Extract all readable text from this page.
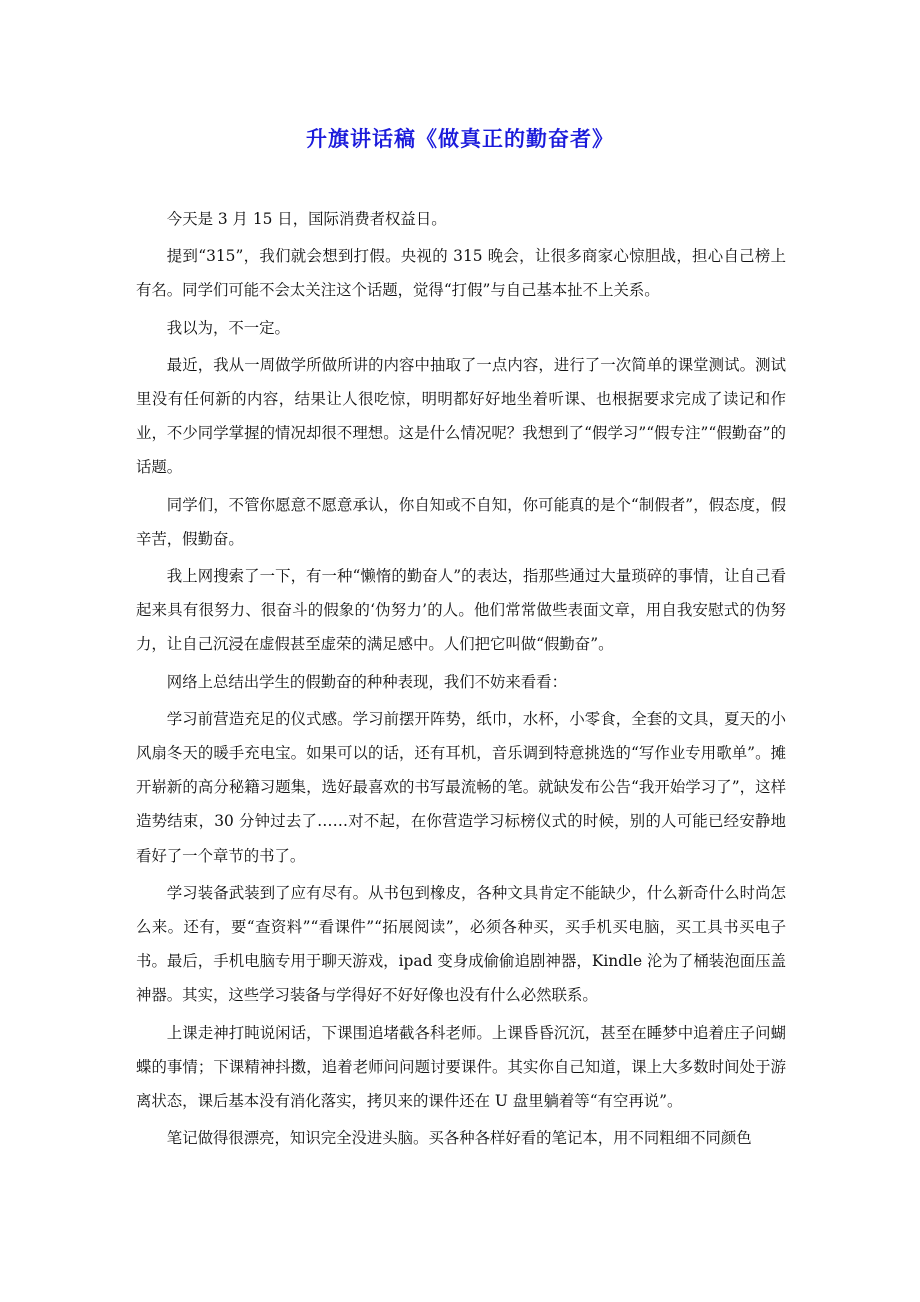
升旗讲话稿《做真正的勤奋者》

今天是 3 月 15 日，国际消费者权益日。

提到“315”，我们就会想到打假。央视的 315 晚会，让很多商家心惊胆战，担心自己榜上有名。同学们可能不会太关注这个话题，觉得“打假”与自己基本扯不上关系。

我以为，不一定。

最近，我从一周做学所做所讲的内容中抽取了一点内容，进行了一次简单的课堂测试。测试里没有任何新的内容，结果让人很吃惊，明明都好好地坐着听课、也根据要求完成了读记和作业，不少同学掌握的情况却很不理想。这是什么情况呢？我想到了“假学习”“假专注”“假勤奋”的话题。

同学们，不管你愿意不愿意承认，你自知或不自知，你可能真的是个“制假者”，假态度，假辛苦，假勤奋。

我上网搜索了一下，有一种“懒惰的勤奋人”的表达，指那些通过大量琐碎的事情，让自己看起来具有很努力、很奋斗的假象的‘伪努力’的人。他们常常做些表面文章，用自我安慰式的伪努力，让自己沉浸在虚假甚至虚荣的满足感中。人们把它叫做“假勤奋”。

网络上总结出学生的假勤奋的种种表现，我们不妨来看看：

学习前营造充足的仪式感。学习前摆开阵势，纸巾，水杯，小零食，全套的文具，夏天的小风扇冬天的暖手充电宝。如果可以的话，还有耳机，音乐调到特意挑选的“写作业专用歌单”。摊开崭新的高分秘籍习题集，选好最喜欢的书写最流畅的笔。就缺发布公告“我开始学习了”，这样造势结束，30 分钟过去了……对不起，在你营造学习标榜仪式的时候，别的人可能已经安静地看好了一个章节的书了。

学习装备武装到了应有尽有。从书包到橡皮，各种文具肯定不能缺少，什么新奇什么时尚怎么来。还有，要“查资料”“看课件”“拓展阅读”，必须各种买，买手机买电脑，买工具书买电子书。最后，手机电脑专用于聊天游戏，ipad 变身成偷偷追剧神器，Kindle 沦为了桶装泡面压盖神器。其实，这些学习装备与学得好不好好像也没有什么必然联系。

上课走神打盹说闲话，下课围追堵截各科老师。上课昏昏沉沉，甚至在睡梦中追着庄子问蝴蝶的事情；下课精神抖擞，追着老师问问题讨要课件。其实你自己知道，课上大多数时间处于游离状态，课后基本没有消化落实，拷贝来的课件还在 U 盘里躺着等“有空再说”。

笔记做得很漂亮，知识完全没进头脑。买各种各样好看的笔记本，用不同粗细不同颜色
